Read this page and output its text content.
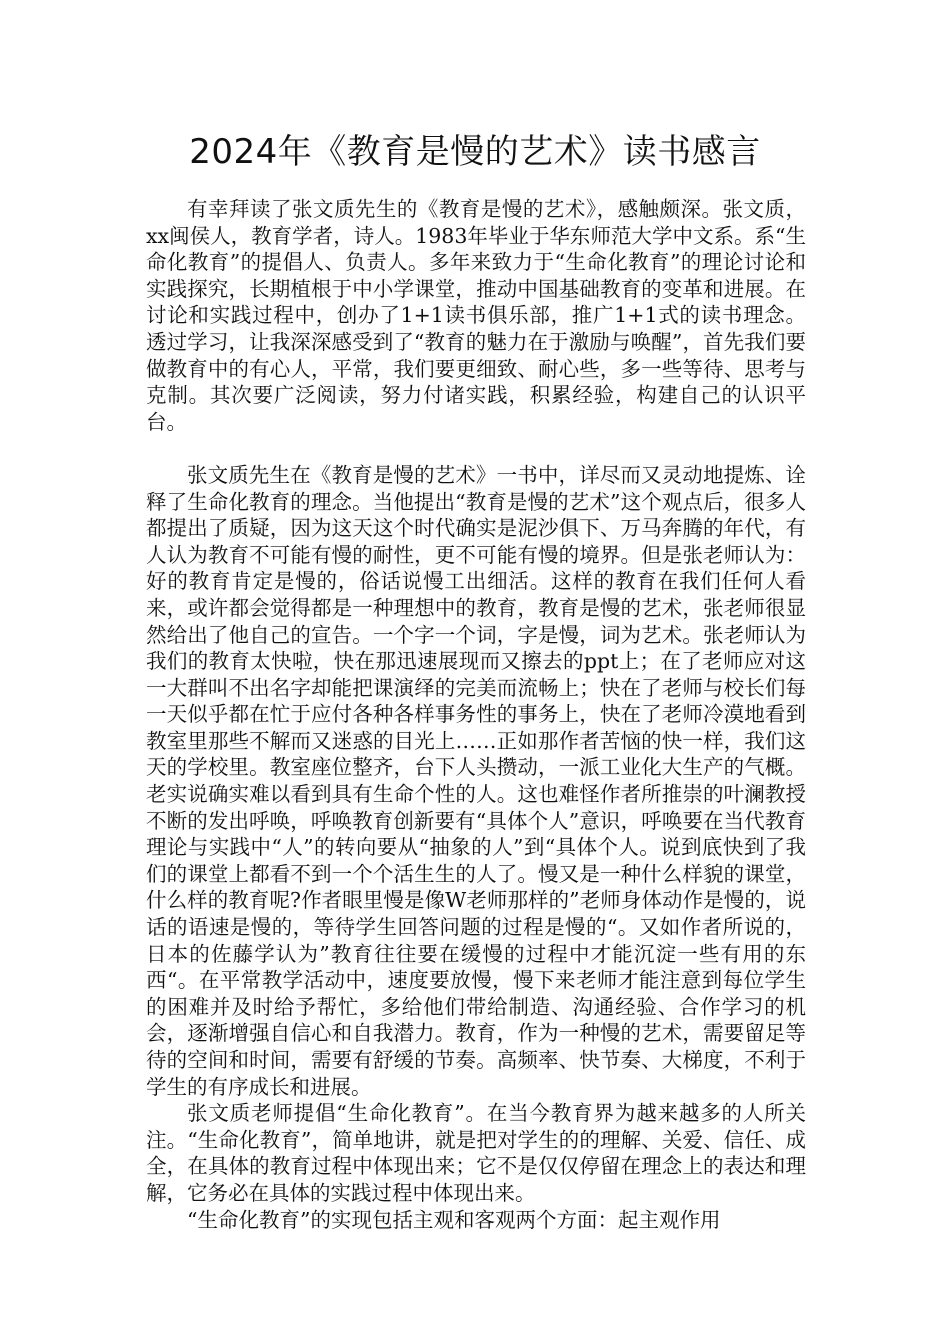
2024年《教育是慢的艺术》读书感言

有幸拜读了张文质先生的《教育是慢的艺术》，感触颇深。张文质，xx闽侯人，教育学者，诗人。1983年毕业于华东师范大学中文系。系“生命化教育”的提倡人、负责人。多年来致力于“生命化教育”的理论讨论和实践探究，长期植根于中小学课堂，推动中国基础教育的变革和进展。在讨论和实践过程中，创办了1+1读书俱乐部，推广1+1式的读书理念。透过学习，让我深深感受到了“教育的魅力在于激励与唤醒”，首先我们要做教育中的有心人，平常，我们要更细致、耐心些，多一些等待、思考与克制。其次要广泛阅读，努力付诸实践，积累经验，构建自己的认识平台。

张文质先生在《教育是慢的艺术》一书中，详尽而又灵动地提炼、诠释了生命化教育的理念。当他提出“教育是慢的艺术”这个观点后，很多人都提出了质疑，因为这天这个时代确实是泥沙俱下、万马奔腾的年代，有人认为教育不可能有慢的耐性，更不可能有慢的境界。但是张老师认为：好的教育肯定是慢的，俗话说慢工出细活。这样的教育在我们任何人看来，或许都会觉得都是一种理想中的教育，教育是慢的艺术，张老师很显然给出了他自己的宣告。一个字一个词，字是慢，词为艺术。张老师认为我们的教育太快啦，快在那迅速展现而又擦去的ppt上；在了老师应对这一大群叫不出名字却能把课演绎的完美而流畅上；快在了老师与校长们每一天似乎都在忙于应付各种各样事务性的事务上，快在了老师冷漠地看到教室里那些不解而又迷惑的目光上……正如那作者苦恼的快一样，我们这天的学校里。教室座位整齐，台下人头攒动，一派工业化大生产的气概。老实说确实难以看到具有生命个性的人。这也难怪作者所推崇的叶澜教授不断的发出呼唤，呼唤教育创新要有“具体个人”意识，呼唤要在当代教育理论与实践中“人”的转向要从“抽象的人”到“具体个人。说到底快到了我们的课堂上都看不到一个个活生生的人了。慢又是一种什么样貌的课堂，什么样的教育呢?作者眼里慢是像W老师那样的”老师身体动作是慢的，说话的语速是慢的，等待学生回答问题的过程是慢的“。又如作者所说的，日本的佐藤学认为”教育往往要在缓慢的过程中才能沉淀一些有用的东西“。在平常教学活动中，速度要放慢，慢下来老师才能注意到每位学生的困难并及时给予帮忙，多给他们带给制造、沟通经验、合作学习的机会，逐渐增强自信心和自我潜力。教育，作为一种慢的艺术，需要留足等待的空间和时间，需要有舒缓的节奏。高频率、快节奏、大梯度，不利于学生的有序成长和进展。

张文质老师提倡“生命化教育”。在当今教育界为越来越多的人所关注。“生命化教育”，简单地讲，就是把对学生的的理解、关爱、信任、成全，在具体的教育过程中体现出来；它不是仅仅停留在理念上的表达和理解，它务必在具体的实践过程中体现出来。

“生命化教育”的实现包括主观和客观两个方面：起主观作用
